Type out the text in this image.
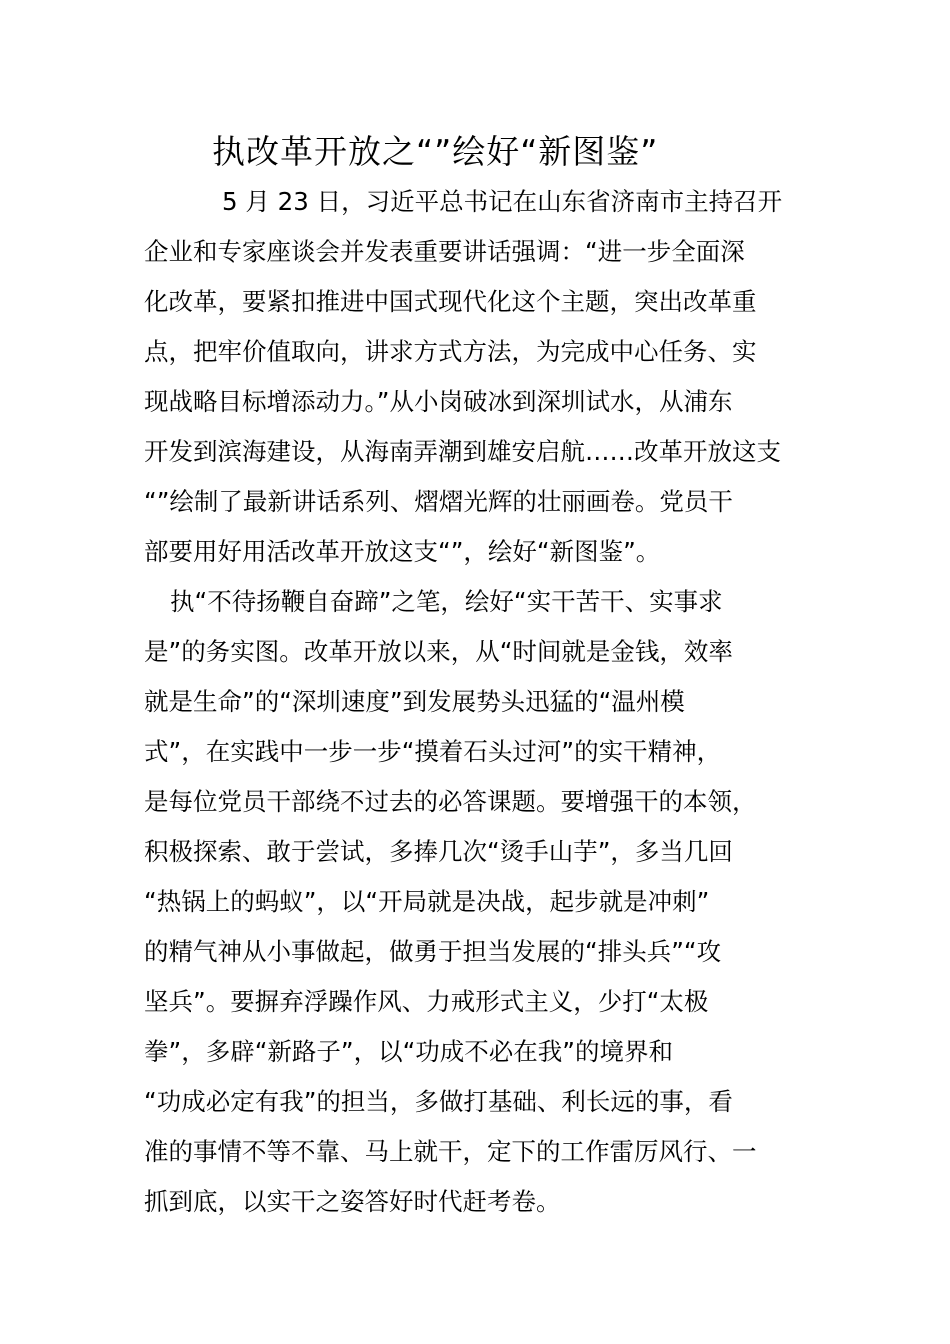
执改革开放之“”绘好“新图鉴”
5 月 23 日，习近平总书记在山东省济南市主持召开
企业和专家座谈会并发表重要讲话强调：“进一步全面深
化改革，要紧扣推进中国式现代化这个主题，突出改革重
点，把牢价值取向，讲求方式方法，为完成中心任务、实
现战略目标增添动力。”从小岗破冰到深圳试水，从浦东
开发到滨海建设，从海南弄潮到雄安启航……改革开放这支
“”绘制了最新讲话系列、熠熠光辉的壮丽画卷。党员干
部要用好用活改革开放这支“”，绘好“新图鉴”。
执“不待扬鞭自奋蹄”之笔，绘好“实干苦干、实事求
是”的务实图。改革开放以来，从“时间就是金钱，效率
就是生命”的“深圳速度”到发展势头迅猛的“温州模
式”，在实践中一步一步“摸着石头过河”的实干精神，
是每位党员干部绕不过去的必答课题。要增强干的本领，
积极探索、敢于尝试，多捧几次“烫手山芋”，多当几回
“热锅上的蚂蚁”，以“开局就是决战，起步就是冲刺”
的精气神从小事做起，做勇于担当发展的“排头兵”“攻
坚兵”。要摒弃浮躁作风、力戒形式主义，少打“太极
拳”，多辟“新路子”，以“功成不必在我”的境界和
“功成必定有我”的担当，多做打基础、利长远的事，看
准的事情不等不靠、马上就干，定下的工作雷厉风行、一
抓到底，以实干之姿答好时代赶考卷。
